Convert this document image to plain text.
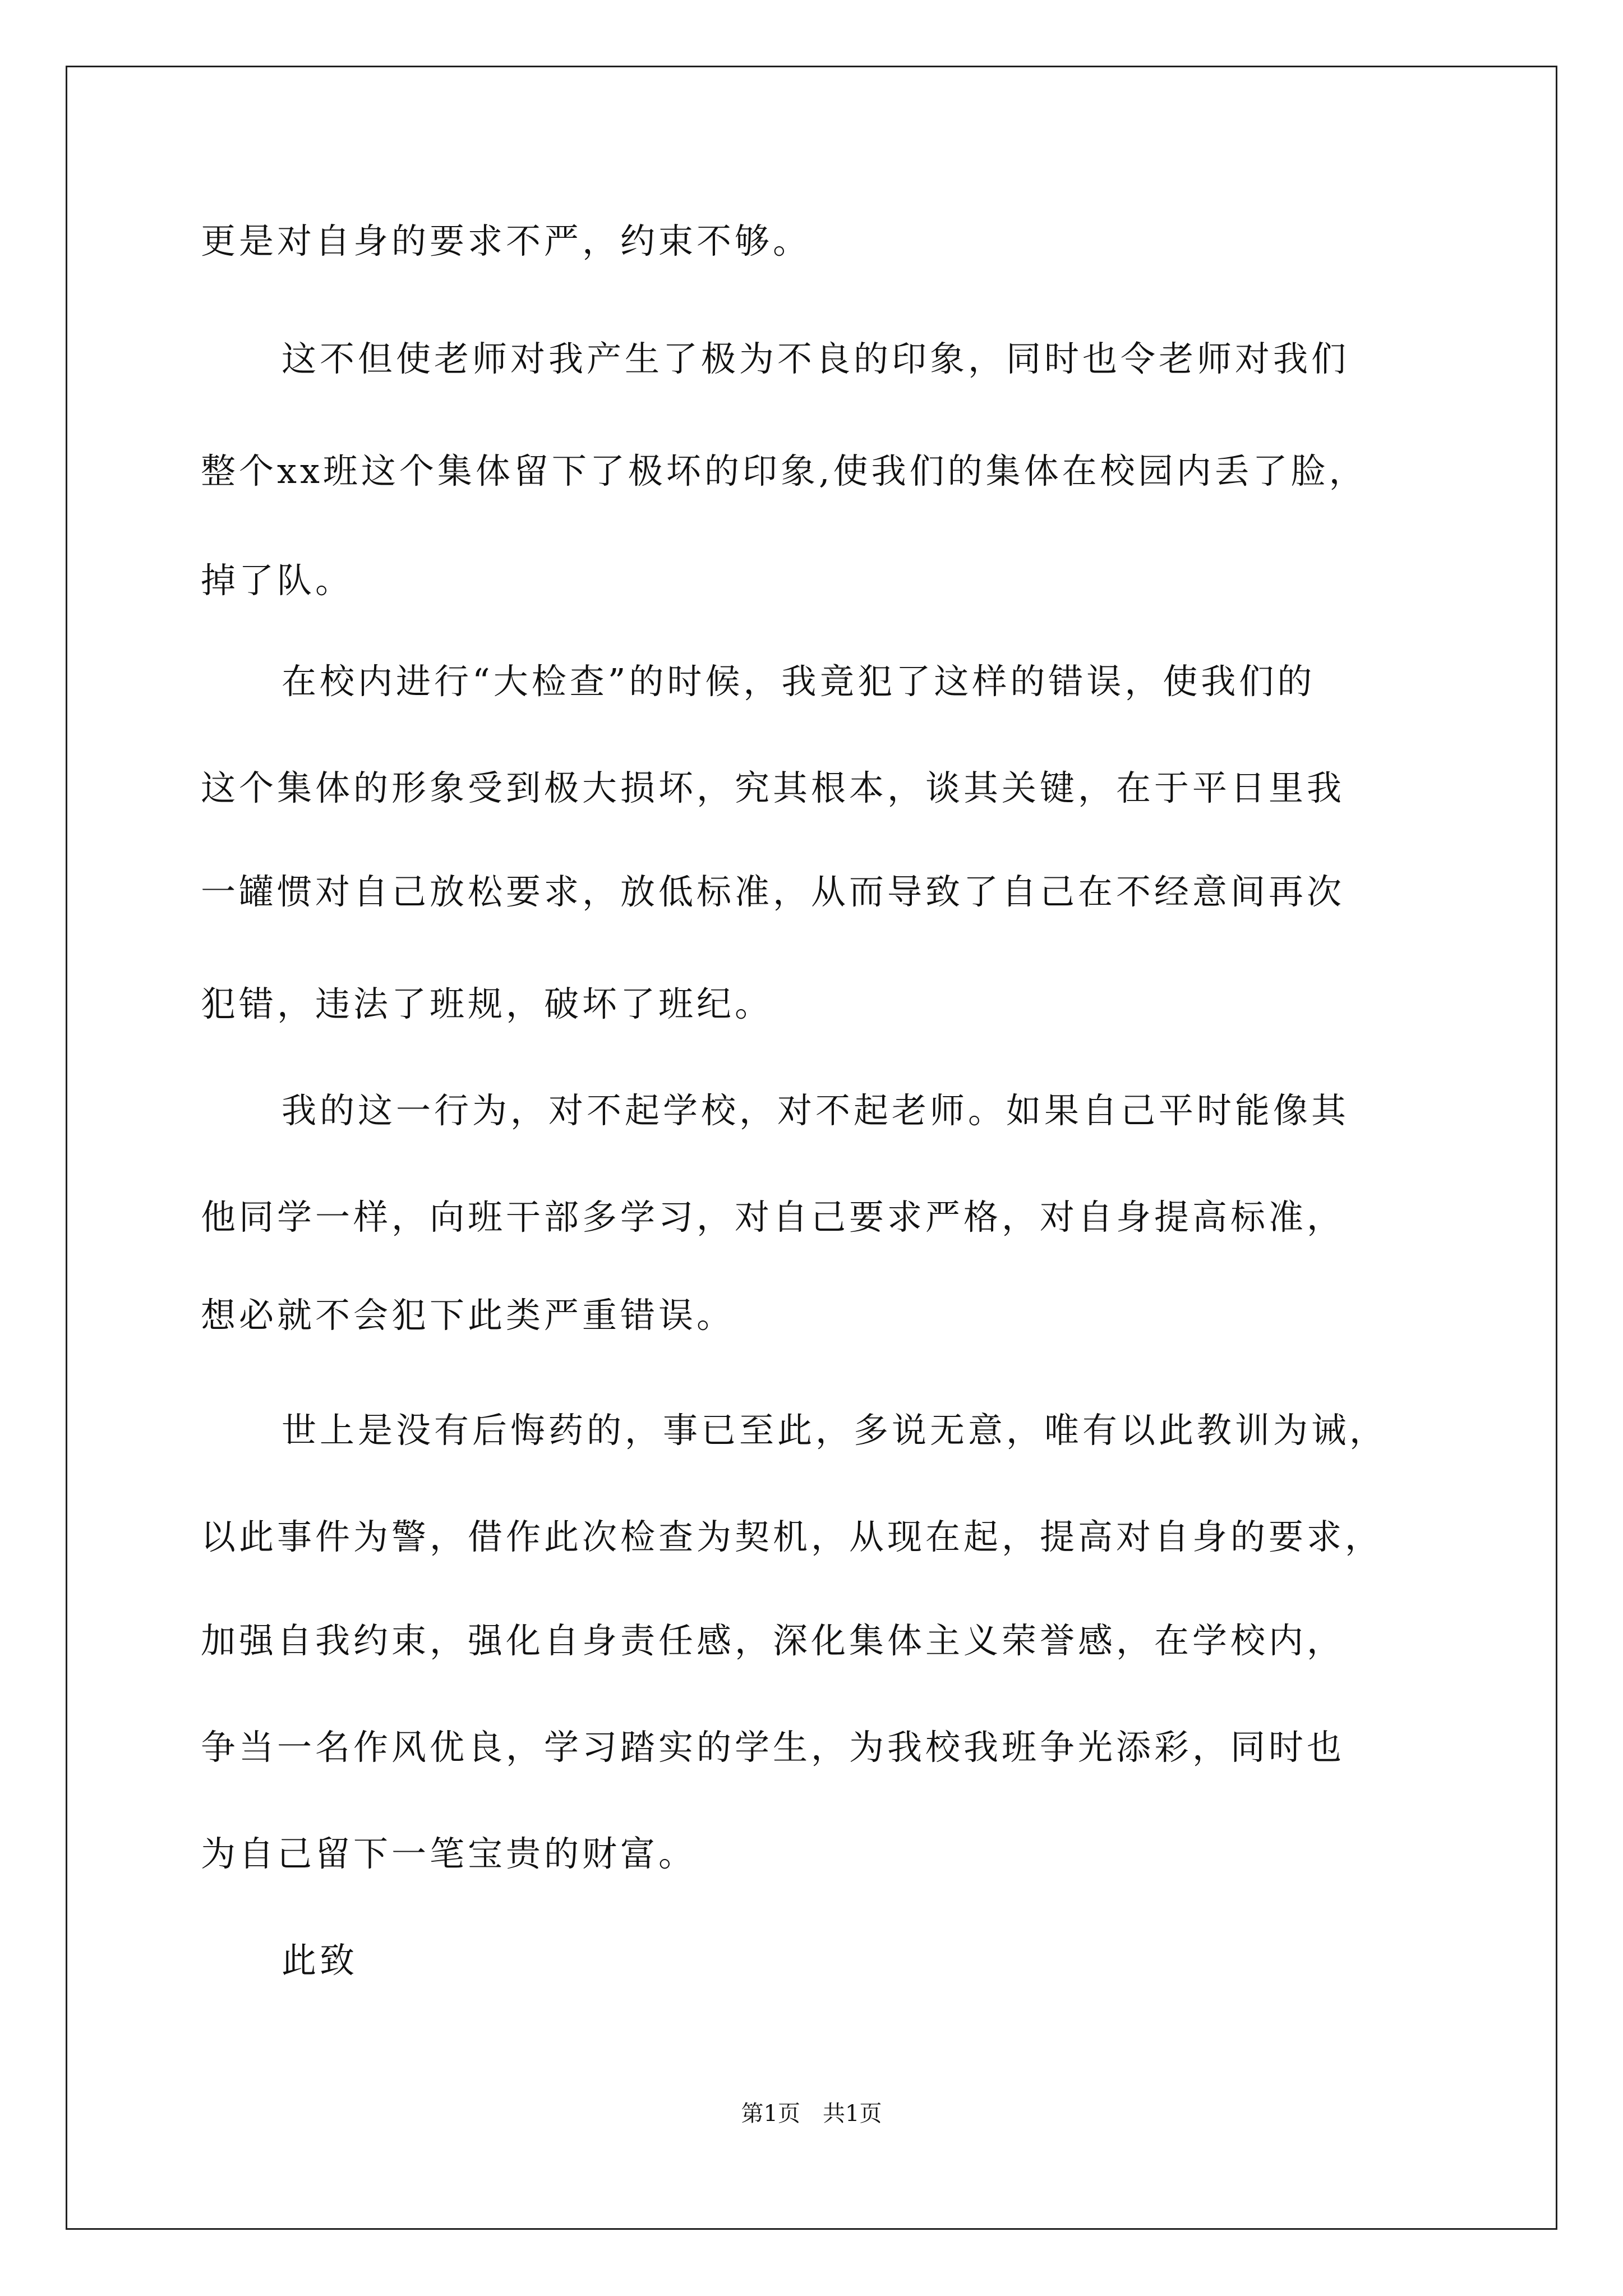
更是对自身的要求不严，约束不够。
这不但使老师对我产生了极为不良的印象，同时也令老师对我们
整个xx班这个集体留下了极坏的印象,使我们的集体在校园内丢了脸，
掉了队。
在校内进行“大检查”的时候，我竟犯了这样的错误，使我们的
这个集体的形象受到极大损坏，究其根本，谈其关键，在于平日里我
一罐惯对自己放松要求，放低标准，从而导致了自己在不经意间再次
犯错，违法了班规，破坏了班纪。
我的这一行为，对不起学校，对不起老师。如果自己平时能像其
他同学一样，向班干部多学习，对自己要求严格，对自身提高标准，
想必就不会犯下此类严重错误。
世上是没有后悔药的，事已至此，多说无意，唯有以此教训为诫，
以此事件为警，借作此次检查为契机，从现在起，提高对自身的要求，
加强自我约束，强化自身责任感，深化集体主义荣誉感，在学校内，
争当一名作风优良，学习踏实的学生，为我校我班争光添彩，同时也
为自己留下一笔宝贵的财富。
此致
第1页 共1页
